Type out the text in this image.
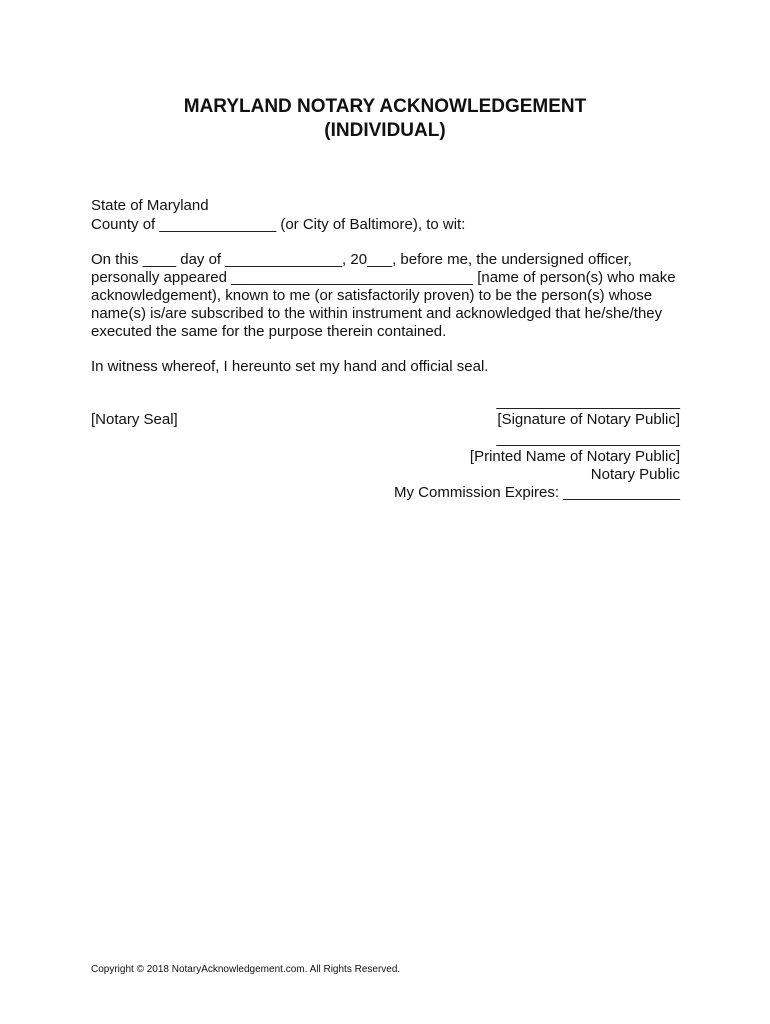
MARYLAND NOTARY ACKNOWLEDGEMENT
(INDIVIDUAL)

State of Maryland

County of ______________ (or City of Baltimore), to wit:

On this ____ day of ______________, 20___, before me, the undersigned officer,

personally appeared _____________________________ [name of person(s) who make

acknowledgement), known to me (or satisfactorily proven) to be the person(s) whose

name(s) is/are subscribed to the within instrument and acknowledged that he/she/they

executed the same for the purpose therein contained.

In witness whereof, I hereunto set my hand and official seal.

[Notary Seal]

______________________

[Signature of Notary Public]

______________________

[Printed Name of Notary Public]

Notary Public

My Commission Expires: ______________

Copyright © 2018 NotaryAcknowledgement.com. All Rights Reserved.
